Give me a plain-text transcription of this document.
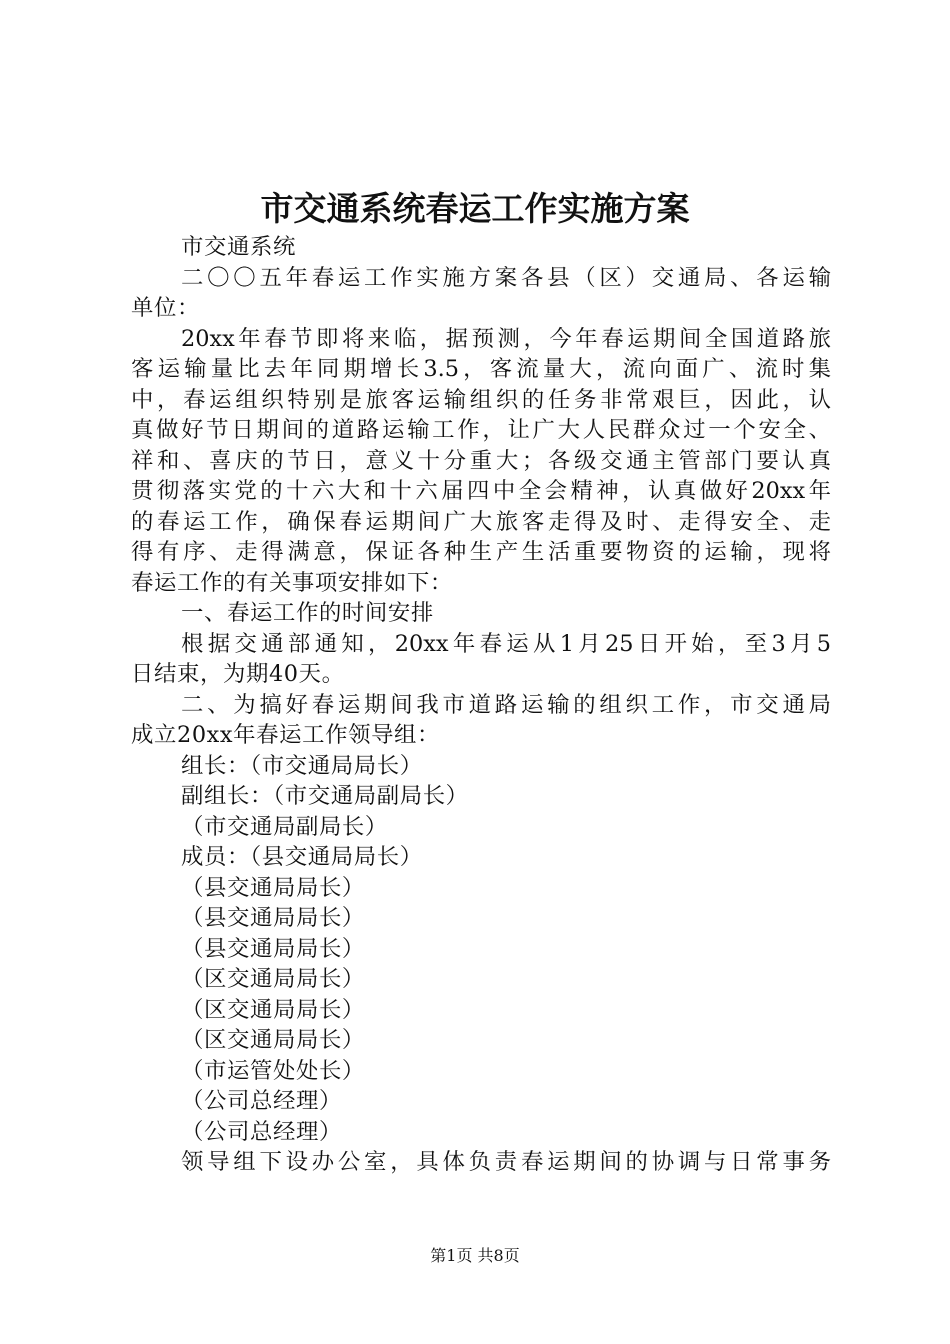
市交通系统春运工作实施方案
市交通系统
二〇〇五年春运工作实施方案各县（区）交通局、各运输
单位：
20xx年春节即将来临，据预测，今年春运期间全国道路旅
客运输量比去年同期增长3.5，客流量大，流向面广、流时集
中，春运组织特别是旅客运输组织的任务非常艰巨，因此，认
真做好节日期间的道路运输工作，让广大人民群众过一个安全、
祥和、喜庆的节日，意义十分重大；各级交通主管部门要认真
贯彻落实党的十六大和十六届四中全会精神，认真做好20xx年
的春运工作，确保春运期间广大旅客走得及时、走得安全、走
得有序、走得满意，保证各种生产生活重要物资的运输，现将
春运工作的有关事项安排如下：
一、春运工作的时间安排
根据交通部通知，20xx年春运从1月25日开始，至3月5
日结束，为期40天。
二、为搞好春运期间我市道路运输的组织工作，市交通局
成立20xx年春运工作领导组：
组长：（市交通局局长）
副组长：（市交通局副局长）
（市交通局副局长）
成员：（县交通局局长）
（县交通局局长）
（县交通局局长）
（县交通局局长）
（区交通局局长）
（区交通局局长）
（区交通局局长）
（市运管处处长）
（公司总经理）
（公司总经理）
领导组下设办公室，具体负责春运期间的协调与日常事务
第1页 共8页
